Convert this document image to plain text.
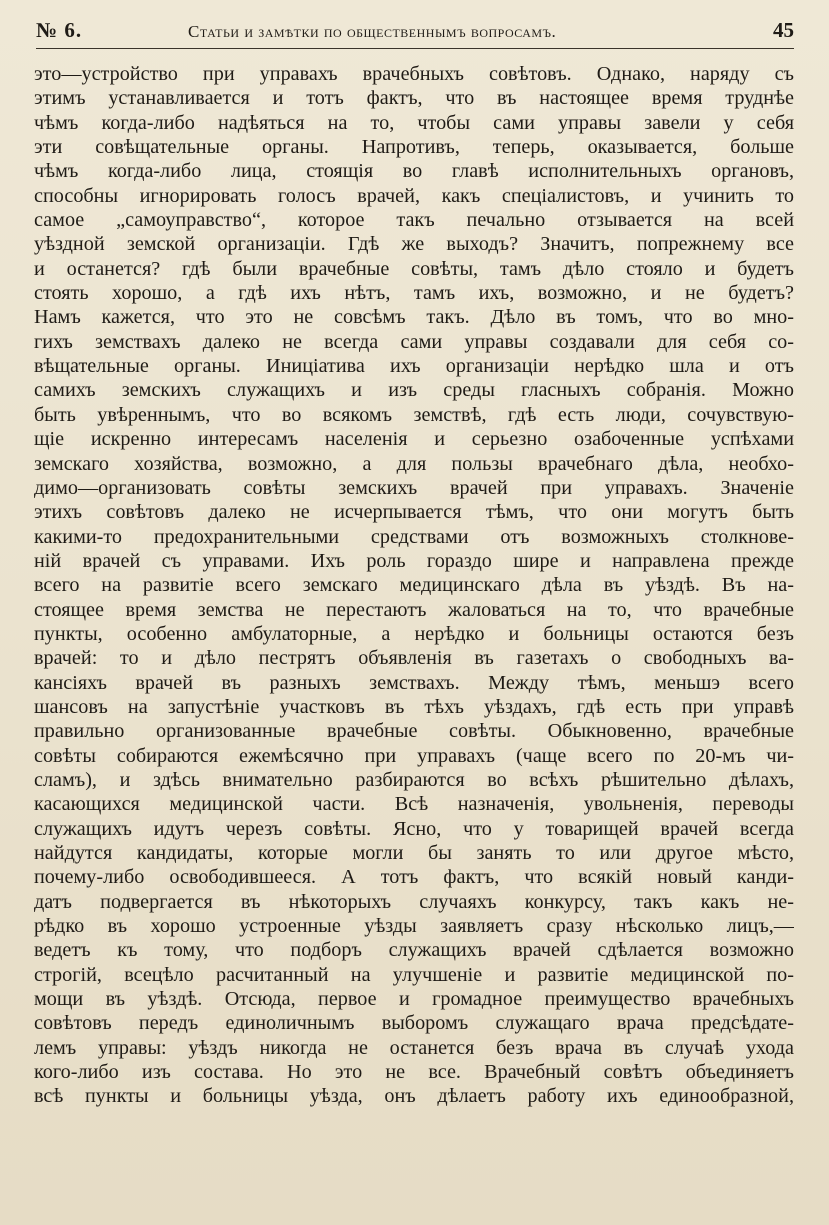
№ 6.	Статьи и замѣтки по общественнымъ вопросамъ.	45
это—устройство при управахъ врачебныхъ совѣтовъ. Однако, наряду съ
этимъ устанавливается и тотъ фактъ, что въ настоящее время труднѣе
чѣмъ когда-либо надѣяться на то, чтобы сами управы завели у себя
эти совѣщательные органы. Напротивъ, теперь, оказывается, больше
чѣмъ когда-либо лица, стоящія во главѣ исполнительныхъ органовъ,
способны игнорировать голосъ врачей, какъ спеціалистовъ, и учинить то
самое „самоуправство“, которое такъ печально отзывается на всей
уѣздной земской организаціи. Гдѣ же выходъ? Значитъ, попрежнему все
и останется? гдѣ были врачебные совѣты, тамъ дѣло стояло и будетъ
стоять хорошо, а гдѣ ихъ нѣтъ, тамъ ихъ, возможно, и не будетъ?
Намъ кажется, что это не совсѣмъ такъ. Дѣло въ томъ, что во мно-
гихъ земствахъ далеко не всегда сами управы создавали для себя со-
вѣщательные органы. Иниціатива ихъ организаціи нерѣдко шла и отъ
самихъ земскихъ служащихъ и изъ среды гласныхъ собранія. Можно
быть увѣреннымъ, что во всякомъ земствѣ, гдѣ есть люди, сочувствую-
щіе искренно интересамъ населенія и серьезно озабоченные успѣхами
земскаго хозяйства, возможно, а для пользы врачебнаго дѣла, необхо-
димо—организовать совѣты земскихъ врачей при управахъ. Значеніе
этихъ совѣтовъ далеко не исчерпывается тѣмъ, что они могутъ быть
какими-то предохранительными средствами отъ возможныхъ столкнове-
ній врачей съ управами. Ихъ роль гораздо шире и направлена прежде
всего на развитіе всего земскаго медицинскаго дѣла въ уѣздѣ. Въ на-
стоящее время земства не перестаютъ жаловаться на то, что врачебные
пункты, особенно амбулаторные, а нерѣдко и больницы остаются безъ
врачей: то и дѣло пестрятъ объявленія въ газетахъ о свободныхъ ва-
кансіяхъ врачей въ разныхъ земствахъ. Между тѣмъ, меньшэ всего
шансовъ на запустѣніе участковъ въ тѣхъ уѣздахъ, гдѣ есть при управѣ
правильно организованные врачебные совѣты. Обыкновенно, врачебные
совѣты собираются ежемѣсячно при управахъ (чаще всего по 20-мъ чи-
сламъ), и здѣсь внимательно разбираются во всѣхъ рѣшительно дѣлахъ,
касающихся медицинской части. Всѣ назначенія, увольненія, переводы
служащихъ идутъ черезъ совѣты. Ясно, что у товарищей врачей всегда
найдутся кандидаты, которые могли бы занять то или другое мѣсто,
почему-либо освободившееся. А тотъ фактъ, что всякій новый канди-
датъ подвергается въ нѣкоторыхъ случаяхъ конкурсу, такъ какъ не-
рѣдко въ хорошо устроенные уѣзды заявляетъ сразу нѣсколько лицъ,—
ведетъ къ тому, что подборъ служащихъ врачей сдѣлается возможно
строгій, всецѣло расчитанный на улучшеніе и развитіе медицинской по-
мощи въ уѣздѣ. Отсюда, первое и громадное преимущество врачебныхъ
совѣтовъ передъ единоличнымъ выборомъ служащаго врача предсѣдате-
лемъ управы: уѣздъ никогда не останется безъ врача въ случаѣ ухода
кого-либо изъ состава. Но это не все. Врачебный совѣтъ объединяетъ
всѣ пункты и больницы уѣзда, онъ дѣлаетъ работу ихъ единообразной,
